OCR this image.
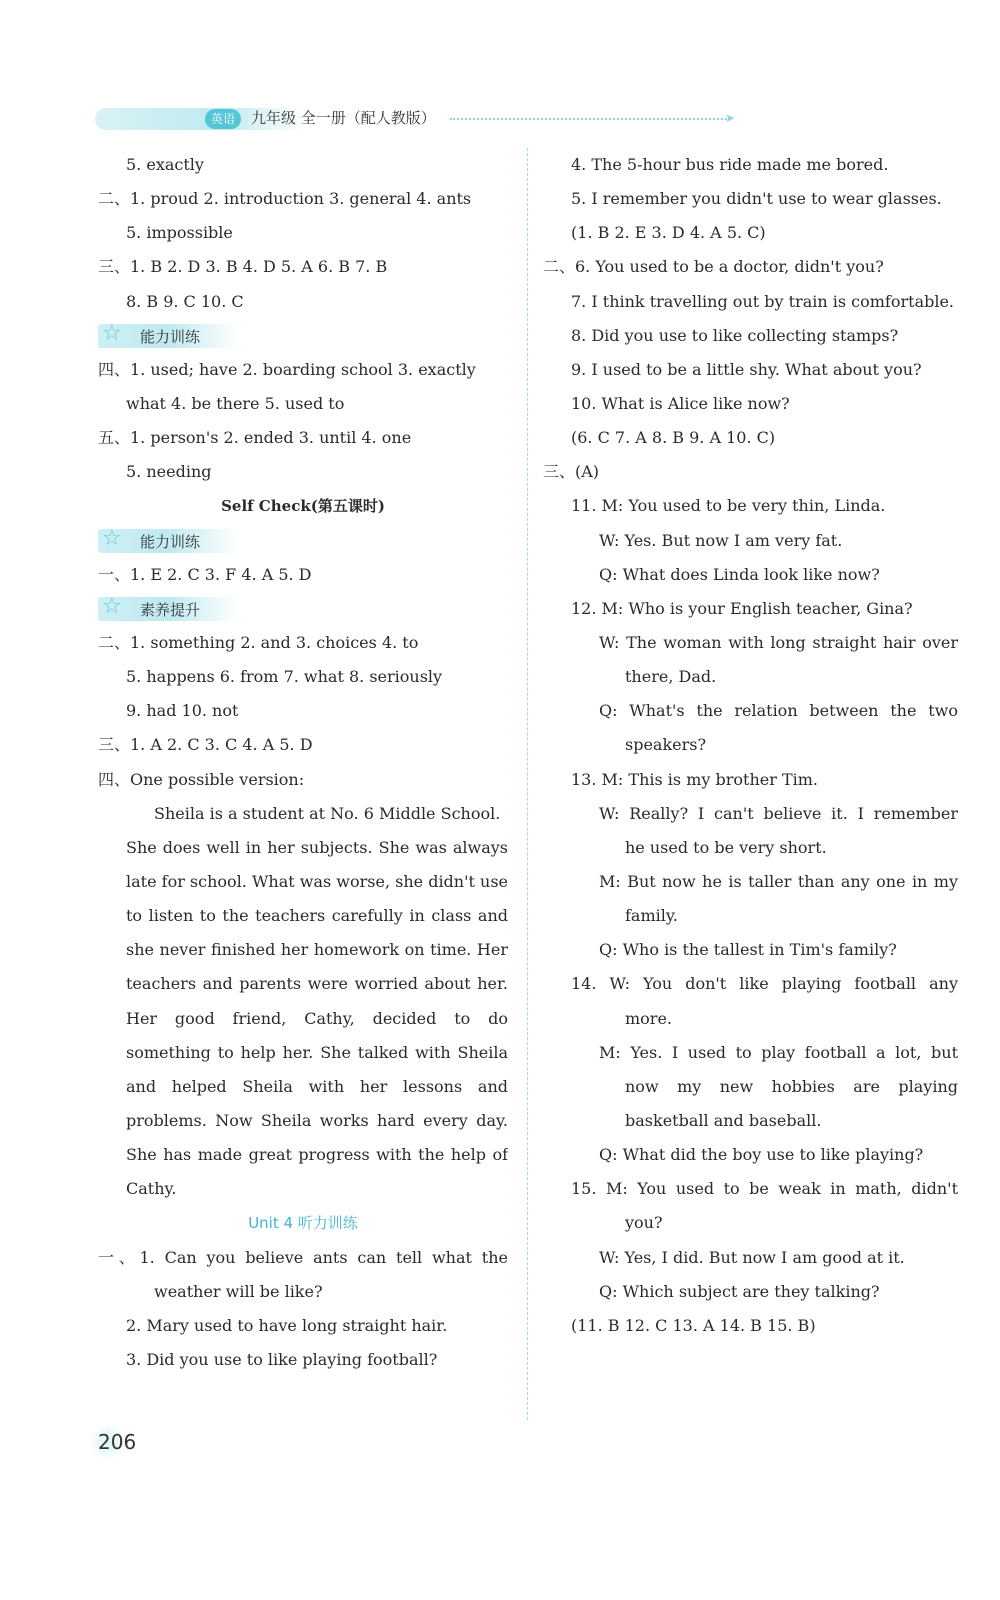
英语	九年级 全一册（配人教版）	➤
5. exactly
二、1. proud 2. introduction 3. general 4. ants
5. impossible
三、1. B 2. D 3. B 4. D 5. A 6. B 7. B
8. B 9. C 10. C
☆ 能力训练
四、1. used; have 2. boarding school 3. exactly
what 4. be there 5. used to
五、1. person's 2. ended 3. until 4. one
5. needing
Self Check(第五课时)
☆ 能力训练
一、1. E 2. C 3. F 4. A 5. D
☆ 素养提升
二、1. something 2. and 3. choices 4. to
5. happens 6. from 7. what 8. seriously
9. had 10. not
三、1. A 2. C 3. C 4. A 5. D
四、One possible version:
Sheila is a student at No. 6 Middle School.
She does well in her subjects. She was always
late for school. What was worse, she didn't use
to listen to the teachers carefully in class and
she never finished her homework on time. Her
teachers and parents were worried about her.
Her good friend, Cathy, decided to do
something to help her. She talked with Sheila
and helped Sheila with her lessons and
problems. Now Sheila works hard every day.
She has made great progress with the help of
Cathy.
Unit 4 听力训练
一、1. Can you believe ants can tell what the
weather will be like?
2. Mary used to have long straight hair.
3. Did you use to like playing football?
4. The 5-hour bus ride made me bored.
5. I remember you didn't use to wear glasses.
(1. B 2. E 3. D 4. A 5. C)
二、6. You used to be a doctor, didn't you?
7. I think travelling out by train is comfortable.
8. Did you use to like collecting stamps?
9. I used to be a little shy. What about you?
10. What is Alice like now?
(6. C 7. A 8. B 9. A 10. C)
三、(A)
11. M: You used to be very thin, Linda.
W: Yes. But now I am very fat.
Q: What does Linda look like now?
12. M: Who is your English teacher, Gina?
W: The woman with long straight hair over
there, Dad.
Q: What's the relation between the two
speakers?
13. M: This is my brother Tim.
W: Really? I can't believe it. I remember
he used to be very short.
M: But now he is taller than any one in my
family.
Q: Who is the tallest in Tim's family?
14. W: You don't like playing football any
more.
M: Yes. I used to play football a lot, but
now my new hobbies are playing
basketball and baseball.
Q: What did the boy use to like playing?
15. M: You used to be weak in math, didn't
you?
W: Yes, I did. But now I am good at it.
Q: Which subject are they talking?
(11. B 12. C 13. A 14. B 15. B)
206
